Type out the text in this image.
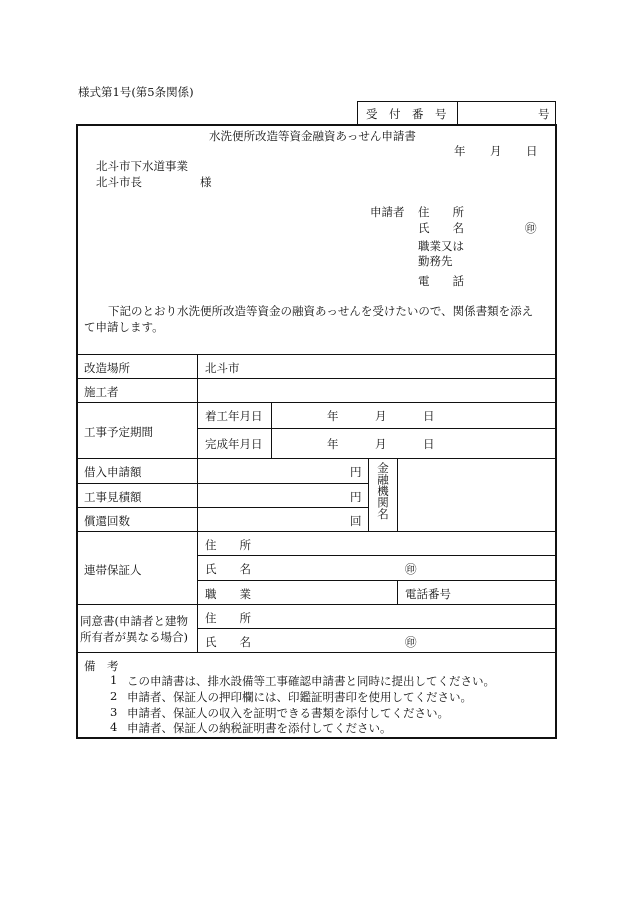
様式第1号(第5条関係)
受　付　番　号	号
水洗便所改造等資金融資あっせん申請書
年 月 日
北斗市下水道事業
北斗市長	様
申請者 住　　所
氏　　名	㊞
職業又は
勤務先
電　　話
下記のとおり水洗便所改造等資金の融資あっせんを受けたいので、関係書類を添え
て申請します。
改造場所	北斗市
施工者
工事予定期間
着工年月日	年	月	日
完成年月日	年	月	日
借入申請額	円
工事見積額	円
償還回数	回
金融機関名
連帯保証人
住　　所
氏　　名	㊞
職　　業	電話番号
同意書(申請者と建物
所有者が異なる場合)
住　　所
氏　　名	㊞
備　考
1 この申請書は、排水設備等工事確認申請書と同時に提出してください。
2 申請者、保証人の押印欄には、印鑑証明書印を使用してください。
3 申請者、保証人の収入を証明できる書類を添付してください。
4 申請者、保証人の納税証明書を添付してください。
